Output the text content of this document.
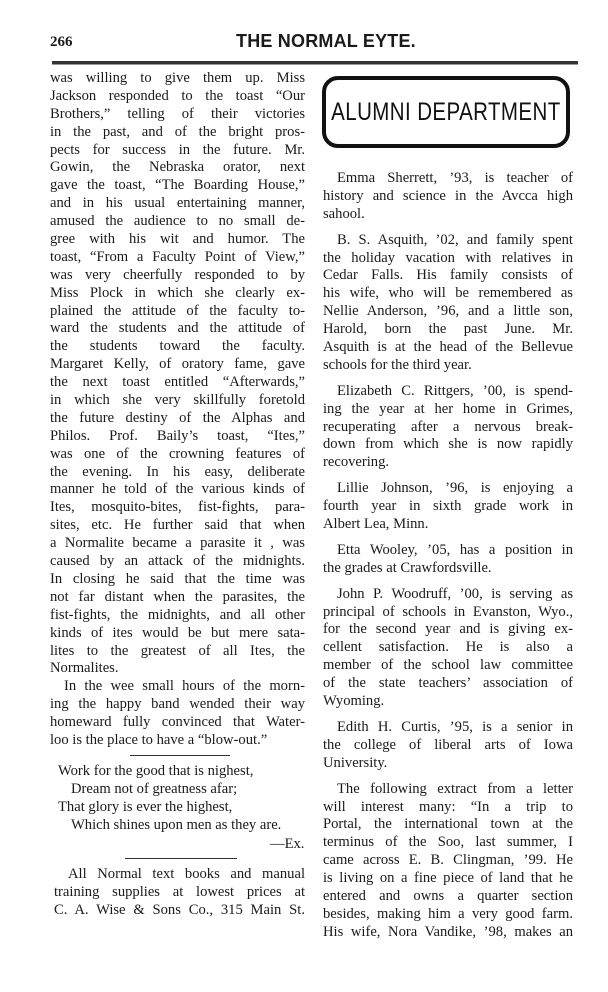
266	THE NORMAL EYTE.
was willing to give them up. Miss
Jackson responded to the toast “Our
Brothers,” telling of their victories
in the past, and of the bright pros-
pects for success in the future. Mr.
Gowin, the Nebraska orator, next
gave the toast, “The Boarding House,”
and in his usual entertaining manner,
amused the audience to no small de-
gree with his wit and humor. The
toast, “From a Faculty Point of View,”
was very cheerfully responded to by
Miss Plock in which she clearly ex-
plained the attitude of the faculty to-
ward the students and the attitude of
the students toward the faculty.
Margaret Kelly, of oratory fame, gave
the next toast entitled “Afterwards,”
in which she very skillfully foretold
the future destiny of the Alphas and
Philos. Prof. Baily’s toast, “Ites,”
was one of the crowning features of
the evening. In his easy, deliberate
manner he told of the various kinds of
Ites, mosquito-bites, fist-fights, para-
sites, etc. He further said that when
a Normalite became a parasite it , was
caused by an attack of the midnights.
In closing he said that the time was
not far distant when the parasites, the
fist-fights, the midnights, and all other
kinds of ites would be but mere sata-
lites to the greatest of all Ites, the
Normalites.
In the wee small hours of the morn-
ing the happy band wended their way
homeward fully convinced that Water-
loo is the place to have a “blow-out.”
Work for the good that is nighest,
Dream not of greatness afar;
That glory is ever the highest,
Which shines upon men as they are.
—Ex.
All Normal text books and manual
training supplies at lowest prices at
C. A. Wise & Sons Co., 315 Main St.
ALUMNI DEPARTMENT
Emma Sherrett, ’93, is teacher of
history and science in the Avcca high
sahool.
B. S. Asquith, ’02, and family spent
the holiday vacation with relatives in
Cedar Falls. His family consists of
his wife, who will be remembered as
Nellie Anderson, ’96, and a little son,
Harold, born the past June. Mr.
Asquith is at the head of the Bellevue
schools for the third year.
Elizabeth C. Rittgers, ’00, is spend-
ing the year at her home in Grimes,
recuperating after a nervous break-
down from which she is now rapidly
recovering.
Lillie Johnson, ’96, is enjoying a
fourth year in sixth grade work in
Albert Lea, Minn.
Etta Wooley, ’05, has a position in
the grades at Crawfordsville.
John P. Woodruff, ’00, is serving as
principal of schools in Evanston, Wyo.,
for the second year and is giving ex-
cellent satisfaction. He is also a
member of the school law committee
of the state teachers’ association of
Wyoming.
Edith H. Curtis, ’95, is a senior in
the college of liberal arts of Iowa
University.
The following extract from a letter
will interest many: “In a trip to
Portal, the international town at the
terminus of the Soo, last summer, I
came across E. B. Clingman, ’99. He
is living on a fine piece of land that he
entered and owns a quarter section
besides, making him a very good farm.
His wife, Nora Vandike, ’98, makes an
